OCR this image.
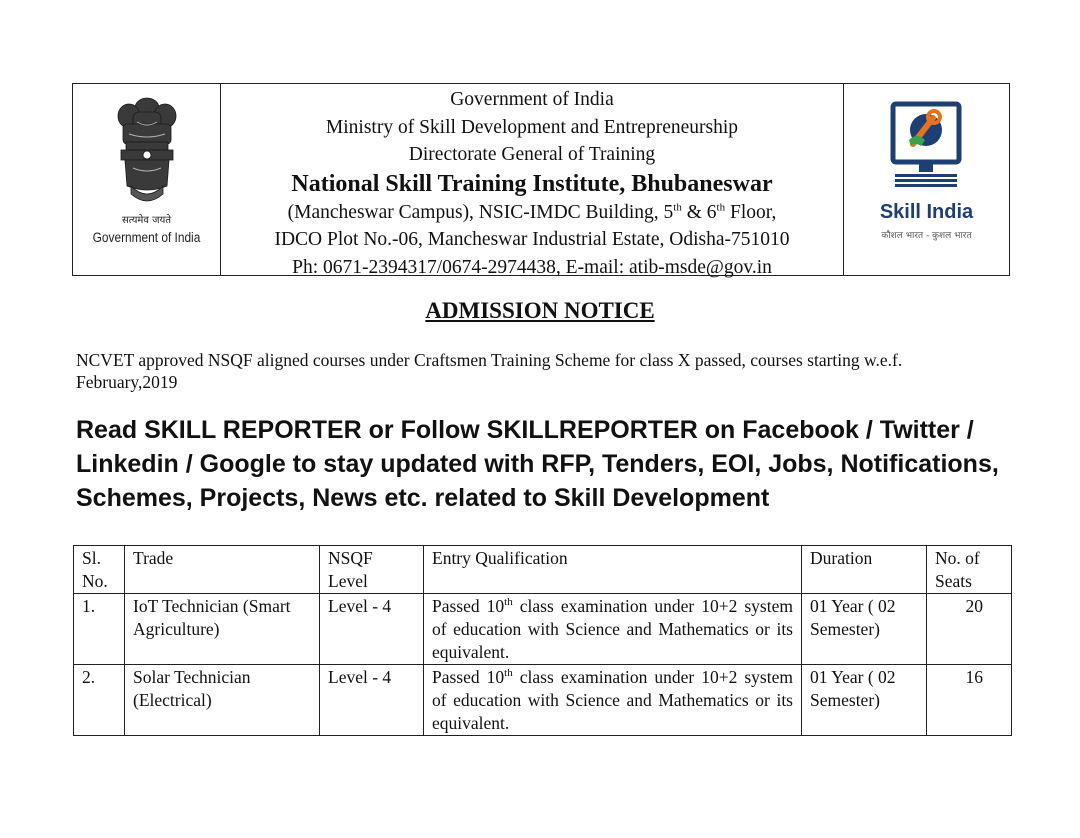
सत्यमेव जयते
Government of India
Government of India
Ministry of Skill Development and Entrepreneurship
Directorate General of Training
National Skill Training Institute, Bhubaneswar
(Mancheswar Campus), NSIC-IMDC Building, 5th & 6th Floor,
IDCO Plot No.-06, Mancheswar Industrial Estate, Odisha-751010
Ph: 0671-2394317/0674-2974438, E-mail: atib-msde@gov.in
Skill India
कौशल भारत - कुशल भारत
ADMISSION NOTICE
NCVET approved NSQF aligned courses under Craftsmen Training Scheme for class X passed, courses starting w.e.f. February,2019
Read SKILL REPORTER or Follow SKILLREPORTER on Facebook / Twitter / Linkedin / Google to stay updated with RFP, Tenders, EOI, Jobs, Notifications, Schemes, Projects, News etc. related to Skill Development
Sl. No.	Trade	NSQF Level	Entry Qualification	Duration	No. of Seats
1.	IoT Technician (Smart Agriculture)	Level - 4	Passed 10th class examination under 10+2 system of education with Science and Mathematics or its equivalent.	01 Year ( 02 Semester)	20
2.	Solar Technician (Electrical)	Level - 4	Passed 10th class examination under 10+2 system of education with Science and Mathematics or its equivalent.	01 Year ( 02 Semester)	16
